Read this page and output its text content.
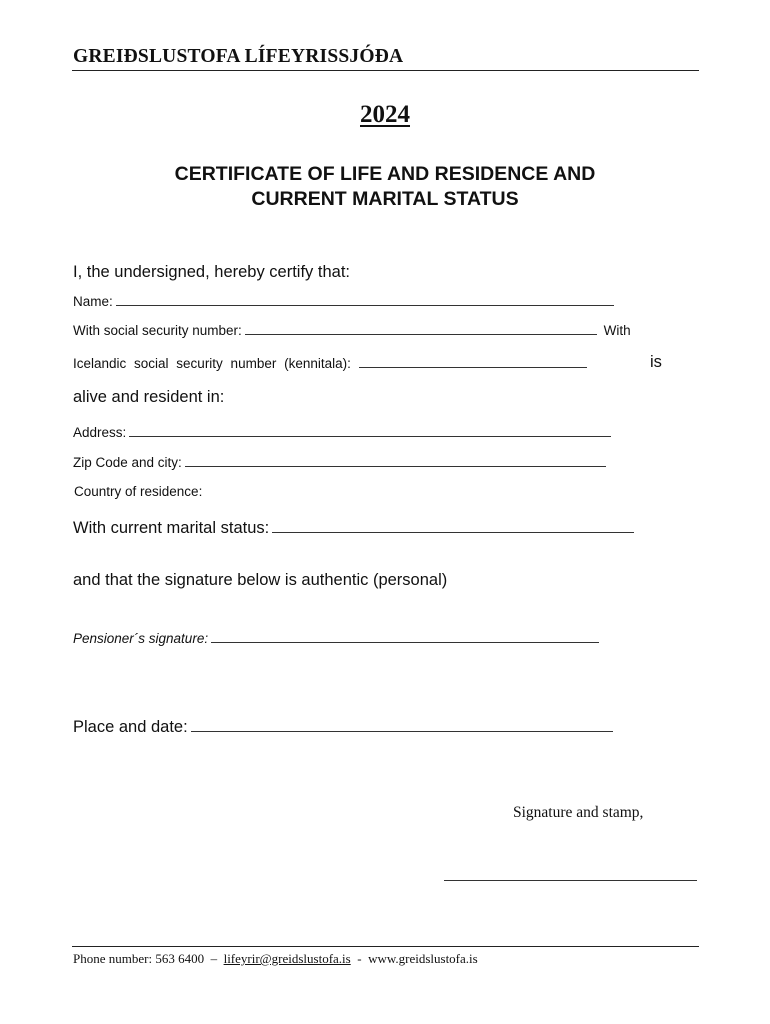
GREIÐSLUSTOFA LÍFEYRISSJÓÐA
2024
CERTIFICATE OF LIFE AND RESIDENCE AND
CURRENT MARITAL STATUS
I, the undersigned, hereby certify that:
Name:
With social security number:	With
Icelandic social security number (kennitala):	is
alive and resident in:
Address:
Zip Code and city:
Country of residence:
With current marital status:
and that the signature below is authentic (personal)
Pensioner´s signature:
Place and date:
Signature and stamp,
Phone number: 563 6400 – lifeyrir@greidslustofa.is - www.greidslustofa.is
